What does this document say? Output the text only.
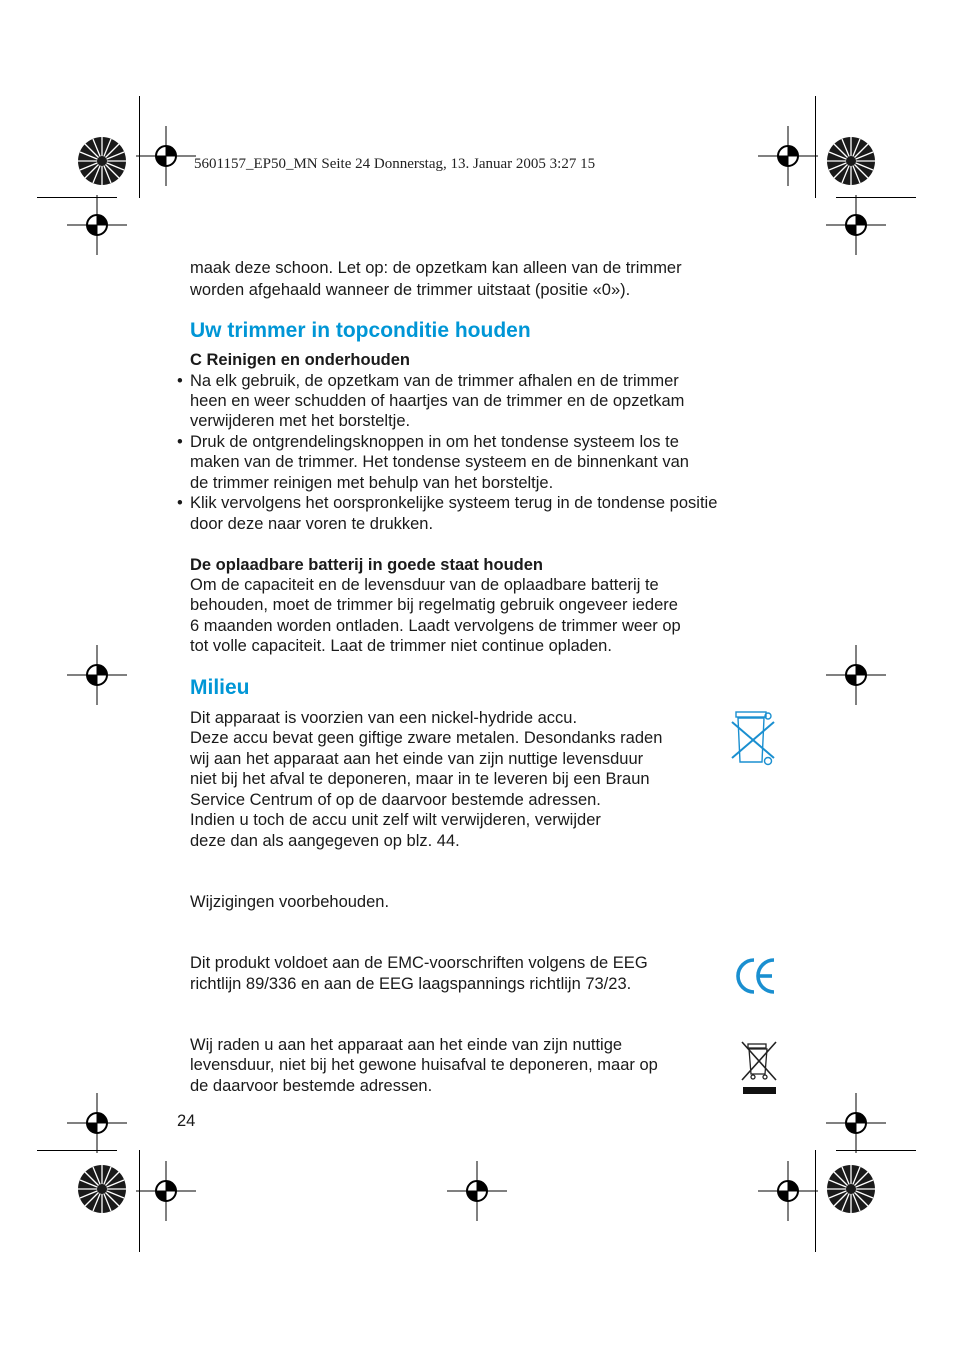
5601157_EP50_MN Seite 24 Donnerstag, 13. Januar 2005 3:27 15
maak deze schoon. Let op: de opzetkam kan alleen van de trimmer
worden afgehaald wanneer de trimmer uitstaat (positie «0»).
Uw trimmer in topconditie houden
C Reinigen en onderhouden
• Na elk gebruik, de opzetkam van de trimmer afhalen en de trimmer
heen en weer schudden of haartjes van de trimmer en de opzetkam
verwijderen met het borsteltje.
• Druk de ontgrendelingsknoppen in om het tondense systeem los te
maken van de trimmer. Het tondense systeem en de binnenkant van
de trimmer reinigen met behulp van het borsteltje.
• Klik vervolgens het oorspronkelijke systeem terug in de tondense positie
door deze naar voren te drukken.
De oplaadbare batterij in goede staat houden
Om de capaciteit en de levensduur van de oplaadbare batterij te
behouden, moet de trimmer bij regelmatig gebruik ongeveer iedere
6 maanden worden ontladen. Laadt vervolgens de trimmer weer op
tot volle capaciteit. Laat de trimmer niet continue opladen.
Milieu
Dit apparaat is voorzien van een nickel-hydride accu.
Deze accu bevat geen giftige zware metalen. Desondanks raden
wij aan het apparaat aan het einde van zijn nuttige levensduur
niet bij het afval te deponeren, maar in te leveren bij een Braun
Service Centrum of op de daarvoor bestemde adressen.
Indien u toch de accu unit zelf wilt verwijderen, verwijder
deze dan als aangegeven op blz. 44.
Wijzigingen voorbehouden.
Dit produkt voldoet aan de EMC-voorschriften volgens de EEG
richtlijn 89/336 en aan de EEG laagspannings richtlijn 73/23.
Wij raden u aan het apparaat aan het einde van zijn nuttige
levensduur, niet bij het gewone huisafval te deponeren, maar op
de daarvoor bestemde adressen.
24
